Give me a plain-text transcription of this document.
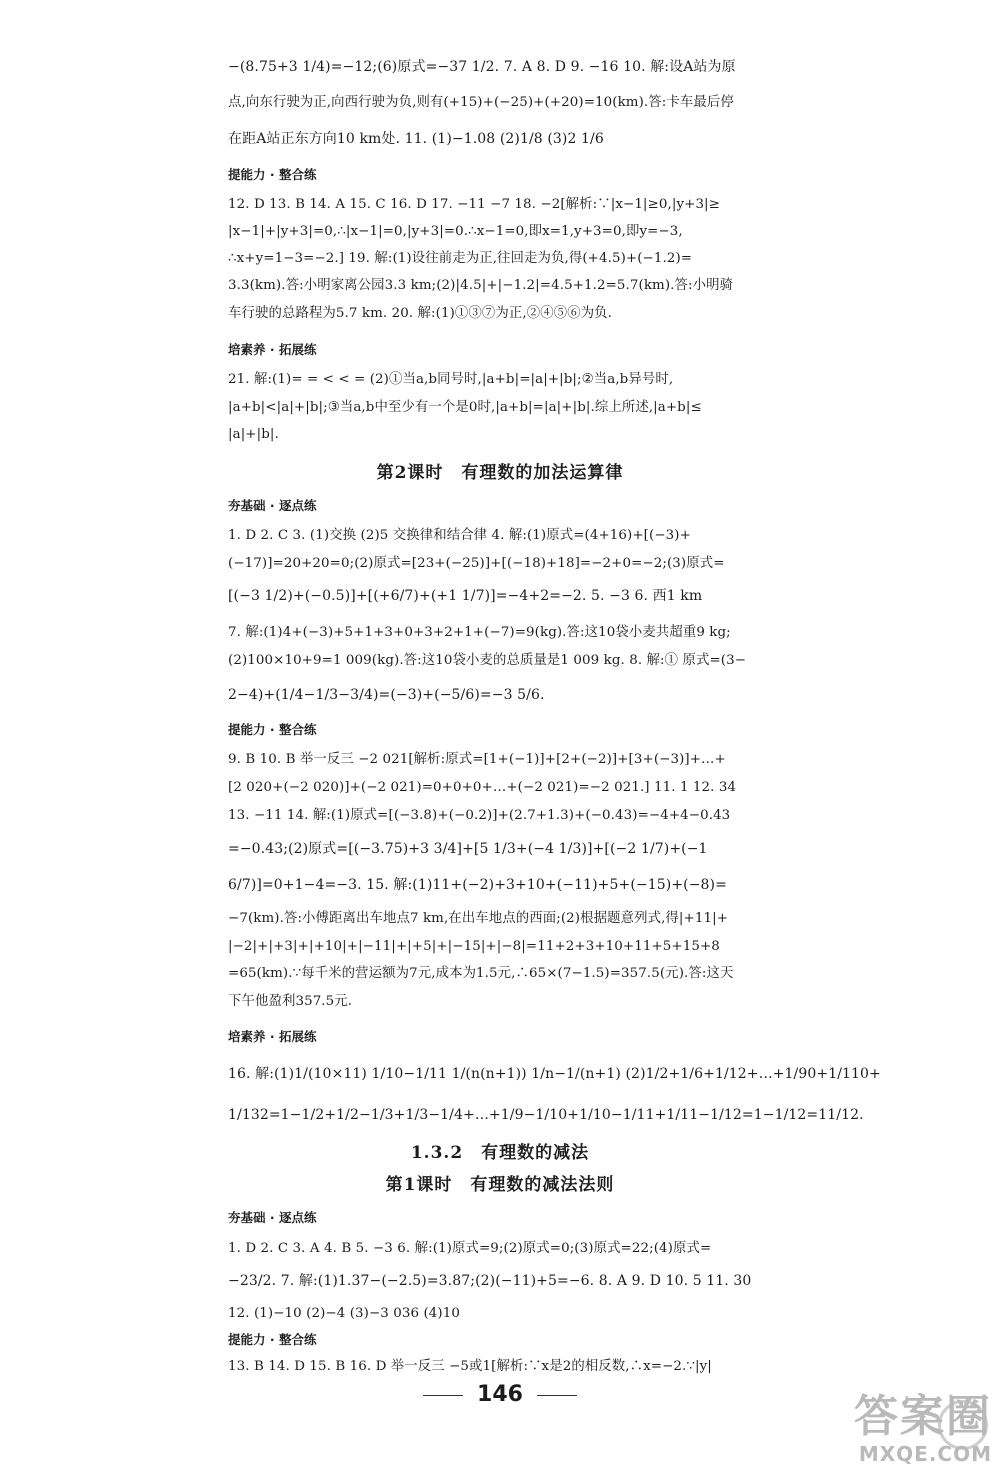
−(8.75+3 1/4)=−12;(6)原式=−37 1/2. 7. A 8. D 9. −16 10. 解:设A站为原
点,向东行驶为正,向西行驶为负,则有(+15)+(−25)+(+20)=10(km).答:卡车最后停
在距A站正东方向10 km处. 11. (1)−1.08 (2)1/8 (3)2 1/6
提能力 · 整合练
12. D 13. B 14. A 15. C 16. D 17. −11 −7 18. −2[解析:∵|x−1|≥0,|y+3|≥
|x−1|+|y+3|=0,∴|x−1|=0,|y+3|=0.∴x−1=0,即x=1,y+3=0,即y=−3,
∴x+y=1−3=−2.] 19. 解:(1)设往前走为正,往回走为负,得(+4.5)+(−1.2)=
3.3(km).答:小明家离公园3.3 km;(2)|4.5|+|−1.2|=4.5+1.2=5.7(km).答:小明骑
车行驶的总路程为5.7 km. 20. 解:(1)①③⑦为正,②④⑤⑥为负.
培素养 · 拓展练
21. 解:(1)= = < < = (2)①当a,b同号时,|a+b|=|a|+|b|;②当a,b异号时,
|a+b|<|a|+|b|;③当a,b中至少有一个是0时,|a+b|=|a|+|b|.综上所述,|a+b|≤
|a|+|b|.
第2课时　有理数的加法运算律
夯基础 · 逐点练
1. D 2. C 3. (1)交换 (2)5 交换律和结合律 4. 解:(1)原式=(4+16)+[(−3)+
(−17)]=20+20=0;(2)原式=[23+(−25)]+[(−18)+18]=−2+0=−2;(3)原式=
[(−3 1/2)+(−0.5)]+[(+6/7)+(+1 1/7)]=−4+2=−2. 5. −3 6. 西1 km
7. 解:(1)4+(−3)+5+1+3+0+3+2+1+(−7)=9(kg).答:这10袋小麦共超重9 kg;
(2)100×10+9=1 009(kg).答:这10袋小麦的总质量是1 009 kg. 8. 解:① 原式=(3−
2−4)+(1/4−1/3−3/4)=(−3)+(−5/6)=−3 5/6.
提能力 · 整合练
9. B 10. B 举一反三 −2 021[解析:原式=[1+(−1)]+[2+(−2)]+[3+(−3)]+…+
[2 020+(−2 020)]+(−2 021)=0+0+0+…+(−2 021)=−2 021.] 11. 1 12. 34
13. −11 14. 解:(1)原式=[(−3.8)+(−0.2)]+(2.7+1.3)+(−0.43)=−4+4−0.43
=−0.43;(2)原式=[(−3.75)+3 3/4]+[5 1/3+(−4 1/3)]+[(−2 1/7)+(−1
6/7)]=0+1−4=−3. 15. 解:(1)11+(−2)+3+10+(−11)+5+(−15)+(−8)=
−7(km).答:小傅距离出车地点7 km,在出车地点的西面;(2)根据题意列式,得|+11|+
|−2|+|+3|+|+10|+|−11|+|+5|+|−15|+|−8|=11+2+3+10+11+5+15+8
=65(km).∵每千米的营运额为7元,成本为1.5元,∴65×(7−1.5)=357.5(元).答:这天
下午他盈利357.5元.
培素养 · 拓展练
16. 解:(1)1/(10×11) 1/10−1/11 1/(n(n+1)) 1/n−1/(n+1) (2)1/2+1/6+1/12+…+1/90+1/110+
1/132=1−1/2+1/2−1/3+1/3−1/4+…+1/9−1/10+1/10−1/11+1/11−1/12=1−1/12=11/12.
1.3.2　有理数的减法
第1课时　有理数的减法法则
夯基础 · 逐点练
1. D 2. C 3. A 4. B 5. −3 6. 解:(1)原式=9;(2)原式=0;(3)原式=22;(4)原式=
−23/2. 7. 解:(1)1.37−(−2.5)=3.87;(2)(−11)+5=−6. 8. A 9. D 10. 5 11. 30
12. (1)−10 (2)−4 (3)−3 036 (4)10
提能力 · 整合练
13. B 14. D 15. B 16. D 举一反三 −5或1[解析:∵x是2的相反数,∴x=−2.∵|y|
146	答案圈
MXQE.COM
